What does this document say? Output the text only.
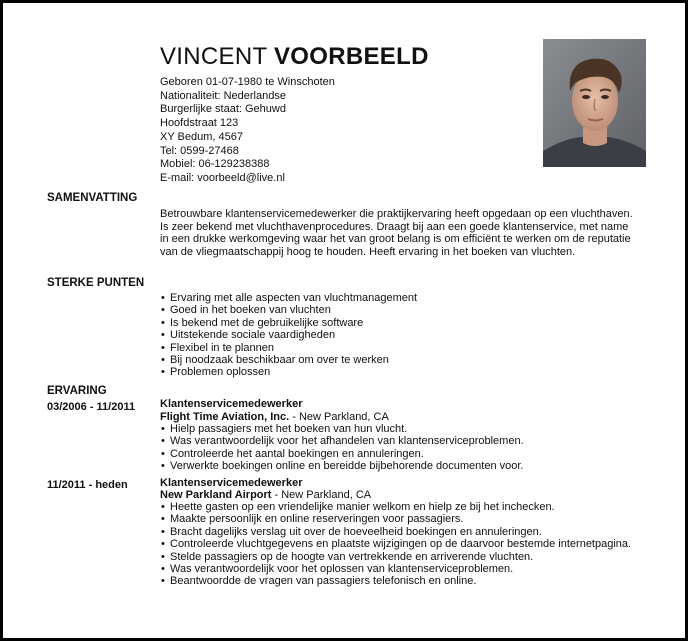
VINCENT VOORBEELD
Geboren 01-07-1980 te Winschoten
Nationaliteit: Nederlandse
Burgerlijke staat: Gehuwd
Hoofdstraat 123
XY Bedum, 4567
Tel: 0599-27468
Mobiel: 06-129238388
E-mail: voorbeeld@live.nl
SAMENVATTING
Betrouwbare klantenservicemedewerker die praktijkervaring heeft opgedaan op een vluchthaven. Is zeer bekend met vluchthavenprocedures. Draagt bij aan een goede klantenservice, met name in een drukke werkomgeving waar het van groot belang is om efficiënt te werken om de reputatie van de vliegmaatschappij hoog te houden. Heeft ervaring in het boeken van vluchten.
STERKE PUNTEN
• Ervaring met alle aspecten van vluchtmanagement
• Goed in het boeken van vluchten
• Is bekend met de gebruikelijke software
• Uitstekende sociale vaardigheden
• Flexibel in te plannen
• Bij noodzaak beschikbaar om over te werken
• Problemen oplossen
ERVARING
03/2006 - 11/2011 Klantenservicemedewerker
Flight Time Aviation, Inc. - New Parkland, CA
• Hielp passagiers met het boeken van hun vlucht.
• Was verantwoordelijk voor het afhandelen van klantenserviceproblemen.
• Controleerde het aantal boekingen en annuleringen.
• Verwerkte boekingen online en bereidde bijbehorende documenten voor.
11/2011 - heden	Klantenservicemedewerker
New Parkland Airport - New Parkland, CA
• Heette gasten op een vriendelijke manier welkom en hielp ze bij het inchecken.
• Maakte persoonlijk en online reserveringen voor passagiers.
• Bracht dagelijks verslag uit over de hoeveelheid boekingen en annuleringen.
• Controleerde vluchtgegevens en plaatste wijzigingen op de daarvoor bestemde internetpagina.
• Stelde passagiers op de hoogte van vertrekkende en arriverende vluchten.
• Was verantwoordelijk voor het oplossen van klantenserviceproblemen.
• Beantwoordde de vragen van passagiers telefonisch en online.
